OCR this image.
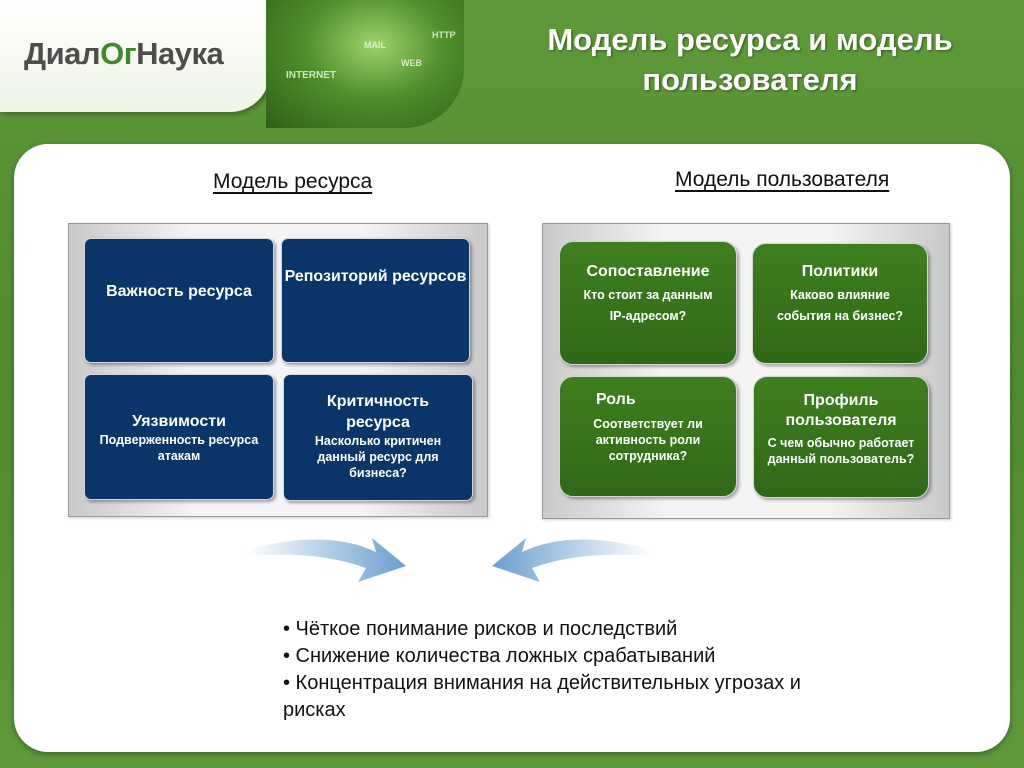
ДиалОгНаука	MAIL
WEB
HTTP
INTERNET
Модель ресурса и модель
пользователя
Модель ресурса	Модель пользователя
Важность ресурса
Репозиторий ресурсов
Уязвимости
Подверженность ресурса атакам
Критичность ресурса
Насколько критичен данный ресурс для бизнеса?
Сопоставление
Кто стоит за данным
IP-адресом?
Политики
Каково влияние
события на бизнес?
Роль
Соответствует ли активность роли сотрудника?
Профиль пользователя
С чем обычно работает данный пользователь?
• Чёткое понимание рисков и последствий
• Снижение количества ложных срабатываний
• Концентрация внимания на действительных угрозах и рисках
